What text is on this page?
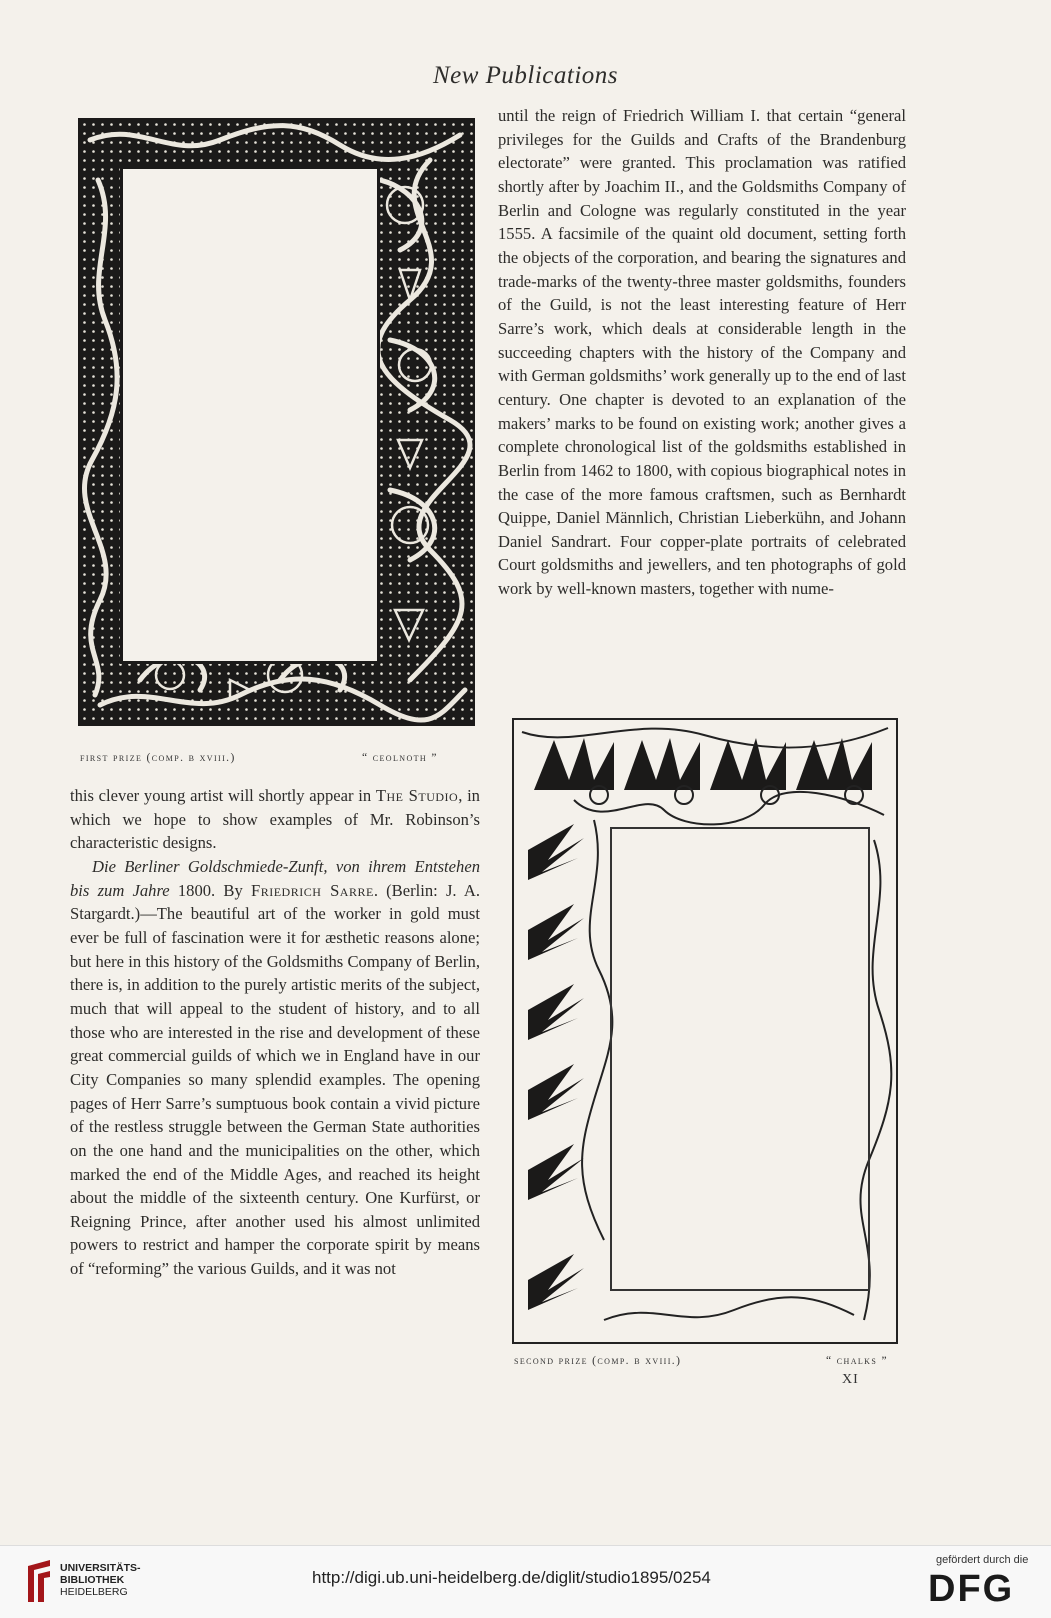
New Publications
first prize (comp. b xviii.)	“ ceolnoth ”

until the reign of Friedrich William I. that certain “general privileges for the Guilds and Crafts of the Brandenburg electorate” were granted. This proclamation was ratified shortly after by Joachim II., and the Goldsmiths Company of Berlin and Cologne was regularly constituted in the year 1555. A facsimile of the quaint old document, setting forth the objects of the corporation, and bearing the signatures and trade-marks of the twenty-three master goldsmiths, founders of the Guild, is not the least interesting feature of Herr Sarre’s work, which deals at considerable length in the succeeding chapters with the history of the Company and with German goldsmiths’ work generally up to the end of last century. One chapter is devoted to an explanation of the makers’ marks to be found on existing work; another gives a complete chronological list of the goldsmiths established in Berlin from 1462 to 1800, with copious biographical notes in the case of the more famous craftsmen, such as Bernhardt Quippe, Daniel Männlich, Christian Lieberkühn, and Johann Daniel Sandrart. Four copper-plate portraits of celebrated Court goldsmiths and jewellers, and ten photographs of gold work by well-known masters, together with nume-

this clever young artist will shortly appear in The Studio, in which we hope to show examples of Mr. Robinson’s characteristic designs.

Die Berliner Goldschmiede-Zunft, von ihrem Entstehen bis zum Jahre 1800. By Friedrich Sarre. (Berlin: J. A. Stargardt.)—The beautiful art of the worker in gold must ever be full of fascination were it for æsthetic reasons alone; but here in this history of the Goldsmiths Company of Berlin, there is, in addition to the purely artistic merits of the subject, much that will appeal to the student of history, and to all those who are interested in the rise and development of these great commercial guilds of which we in England have in our City Companies so many splendid examples. The opening pages of Herr Sarre’s sumptuous book contain a vivid picture of the restless struggle between the German State authorities on the one hand and the municipalities on the other, which marked the end of the Middle Ages, and reached its height about the middle of the sixteenth century. One Kurfürst, or Reigning Prince, after another used his almost unlimited powers to restrict and hamper the corporate spirit by means of “reforming” the various Guilds, and it was not

second prize (comp. b xviii.)	“ chalks ”
XI
UNIVERSITÄTS-
BIBLIOTHEK
HEIDELBERG
http://digi.ub.uni-heidelberg.de/diglit/studio1895/0254
gefördert durch die
DFG
